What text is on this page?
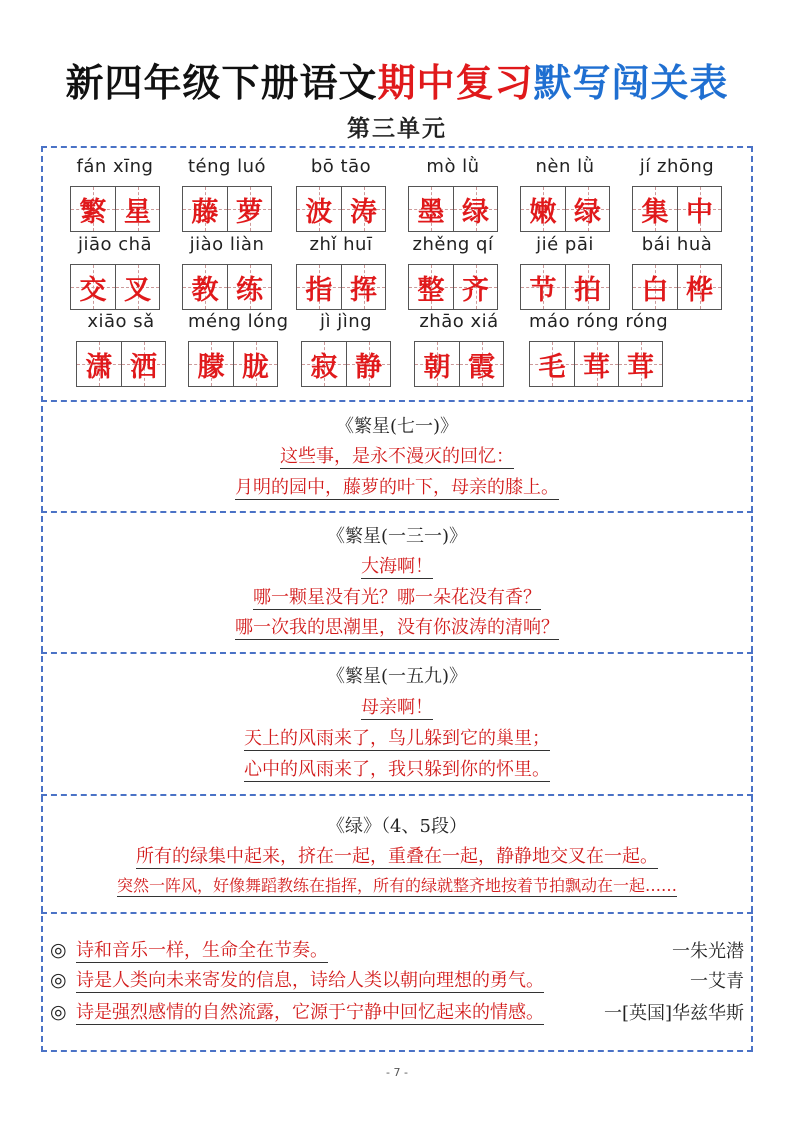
新四年级下册语文期中复习默写闯关表
第三单元
fán xīng
繁 星
téng luó
藤 萝
bō tāo
波 涛
mò lǜ
墨 绿
nèn lǜ
嫩 绿
jí zhōng
集 中
jiāo chā
交 叉
jiào liàn
教 练
zhǐ huī
指 挥
zhěng qí
整 齐
jié pāi
节 拍
bái huà
白 桦
xiāo sǎ
潇 洒
méng lóng
朦 胧
jì jìng
寂 静
zhāo xiá
朝 霞
máo róng róng
毛 茸 茸
《繁星(七一)》
这些事，是永不漫灭的回忆：
月明的园中，藤萝的叶下，母亲的膝上。
《繁星(一三一)》
大海啊！
哪一颗星没有光？哪一朵花没有香？
哪一次我的思潮里，没有你波涛的清响？
《繁星(一五九)》
母亲啊！
天上的风雨来了，鸟儿躲到它的巢里；
心中的风雨来了，我只躲到你的怀里。
《绿》（4、5段）
所有的绿集中起来，挤在一起，重叠在一起，静静地交叉在一起。
突然一阵风，好像舞蹈教练在指挥，所有的绿就整齐地按着节拍飘动在一起……
◎ 诗和音乐一样，生命全在节奏。	一朱光潜
◎ 诗是人类向未来寄发的信息，诗给人类以朝向理想的勇气。	一艾青
◎ 诗是强烈感情的自然流露，它源于宁静中回忆起来的情感。	一[英国]华兹华斯
- 7 -
